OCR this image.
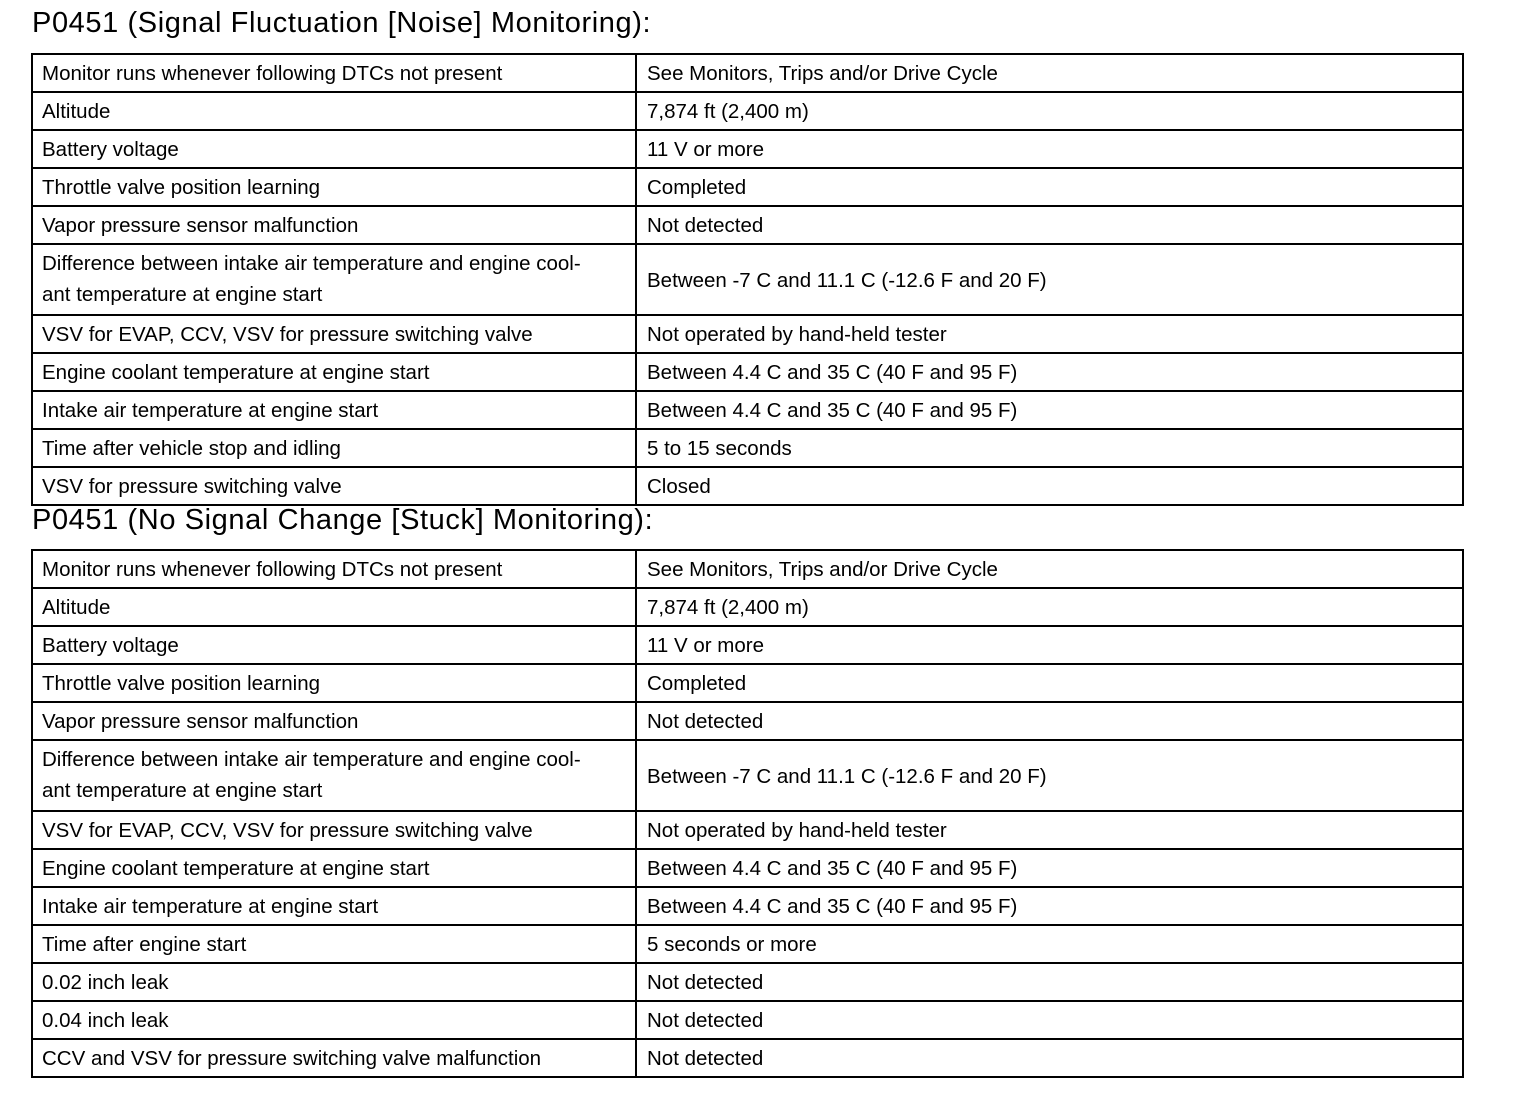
P0451 (Signal Fluctuation [Noise] Monitoring):
Monitor runs whenever following DTCs not present	See Monitors, Trips and/or Drive Cycle
Altitude	7,874 ft (2,400 m)
Battery voltage	11 V or more
Throttle valve position learning	Completed
Vapor pressure sensor malfunction	Not detected
Difference between intake air temperature and engine cool-
ant temperature at engine start	Between -7 C and 11.1 C (-12.6 F and 20 F)
VSV for EVAP, CCV, VSV for pressure switching valve	Not operated by hand-held tester
Engine coolant temperature at engine start	Between 4.4 C and 35 C (40 F and 95 F)
Intake air temperature at engine start	Between 4.4 C and 35 C (40 F and 95 F)
Time after vehicle stop and idling	5 to 15 seconds
VSV for pressure switching valve	Closed
P0451 (No Signal Change [Stuck] Monitoring):
Monitor runs whenever following DTCs not present	See Monitors, Trips and/or Drive Cycle
Altitude	7,874 ft (2,400 m)
Battery voltage	11 V or more
Throttle valve position learning	Completed
Vapor pressure sensor malfunction	Not detected
Difference between intake air temperature and engine cool-
ant temperature at engine start	Between -7 C and 11.1 C (-12.6 F and 20 F)
VSV for EVAP, CCV, VSV for pressure switching valve	Not operated by hand-held tester
Engine coolant temperature at engine start	Between 4.4 C and 35 C (40 F and 95 F)
Intake air temperature at engine start	Between 4.4 C and 35 C (40 F and 95 F)
Time after engine start	5 seconds or more
0.02 inch leak	Not detected
0.04 inch leak	Not detected
CCV and VSV for pressure switching valve malfunction	Not detected
